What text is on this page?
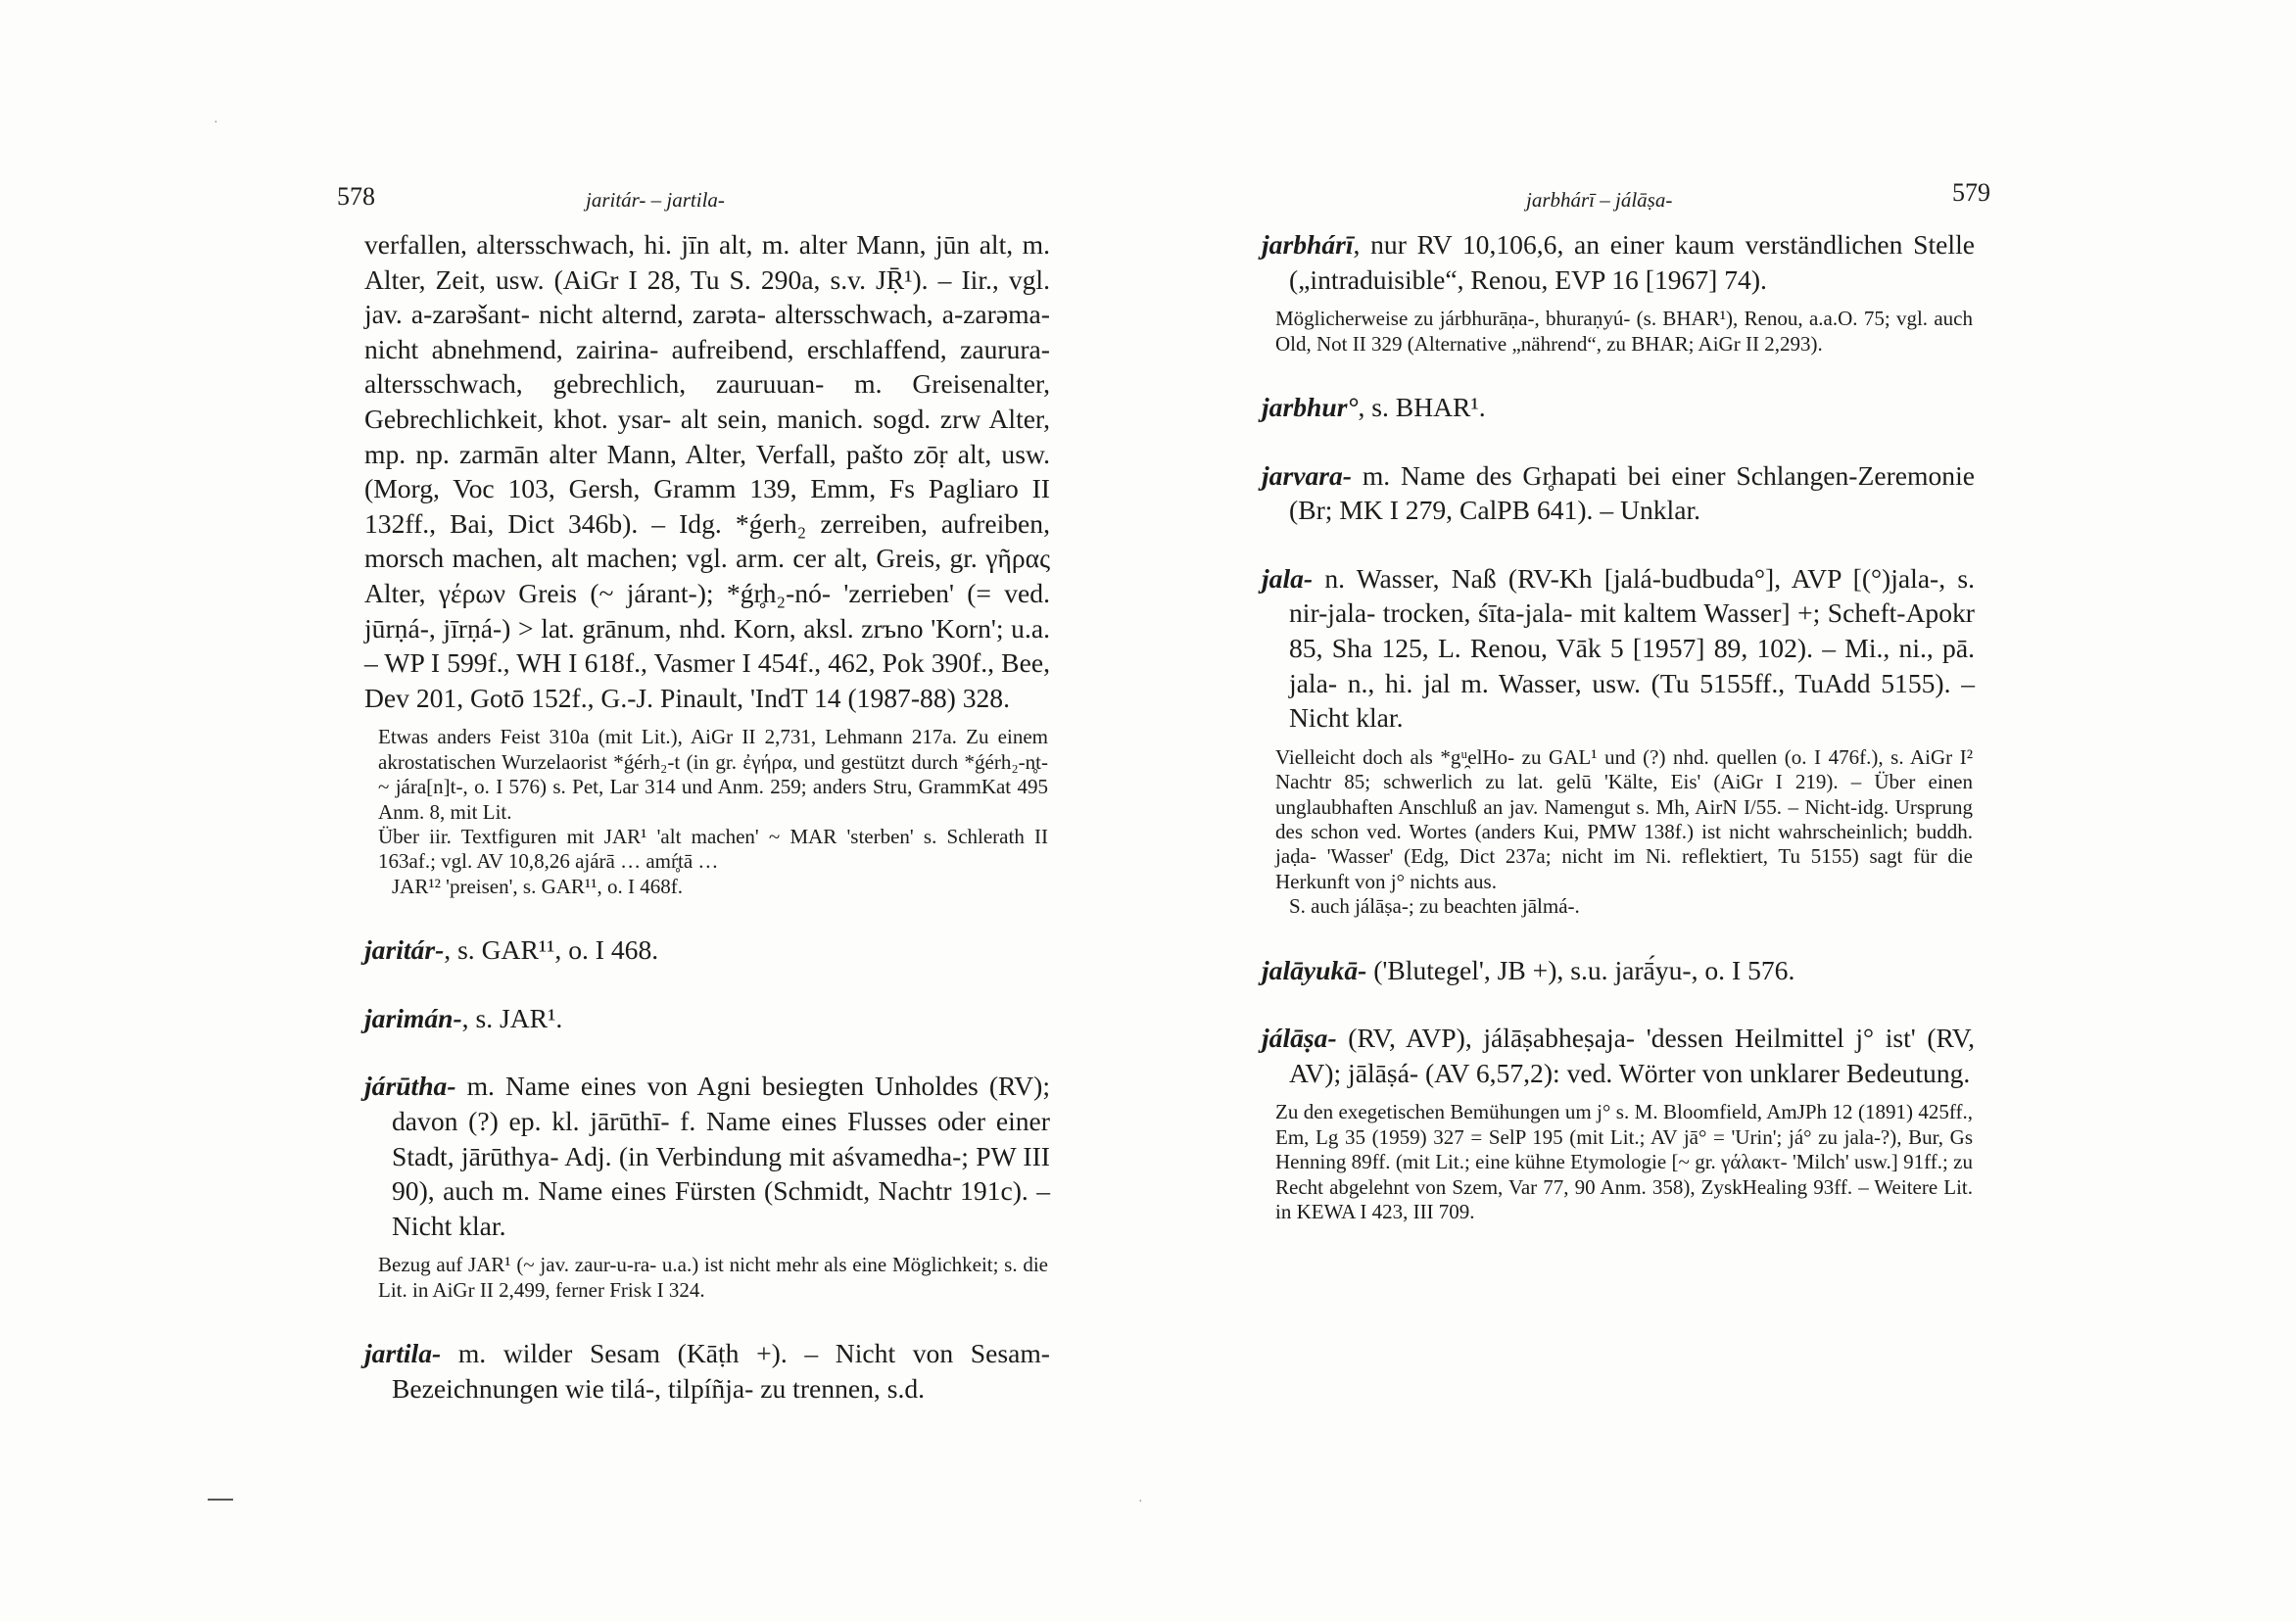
578	jaritár- – jartila-

verfallen, altersschwach, hi. jīn alt, m. alter Mann, jūn alt, m. Alter, Zeit, usw. (AiGr I 28, Tu S. 290a, s.v. JṜ¹). – Iir., vgl. jav. a-zarəšant- nicht alternd, zarəta- altersschwach, a-zarəma- nicht abnehmend, zairina- aufreibend, erschlaffend, zaurura- altersschwach, gebrechlich, zauruuan- m. Greisenalter, Gebrechlichkeit, khot. ysar- alt sein, manich. sogd. zrw Alter, mp. np. zarmān alter Mann, Alter, Verfall, pašto zōṛ alt, usw. (Morg, Voc 103, Gersh, Gramm 139, Emm, Fs Pagliaro II 132ff., Bai, Dict 346b). – Idg. *ǵerh₂ zerreiben, aufreiben, morsch machen, alt machen; vgl. arm. cer alt, Greis, gr. γῆρας Alter, γέρων Greis (~ járant-); *ǵr̥h₂-nó- 'zerrieben' (= ved. jūrṇá-, jīrṇá-) > lat. grānum, nhd. Korn, aksl. zrъno 'Korn'; u.a. – WP I 599f., WH I 618f., Vasmer I 454f., 462, Pok 390f., Bee, Dev 201, Gotō 152f., G.-J. Pinault, 'IndT 14 (1987-88) 328.

Etwas anders Feist 310a (mit Lit.), AiGr II 2,731, Lehmann 217a. Zu einem akrostatischen Wurzelaorist *ǵérh₂-t (in gr. ἐγήρα, und gestützt durch *ǵérh₂-n̥t- ~ jára[n]t-, o. I 576) s. Pet, Lar 314 und Anm. 259; anders Stru, GrammKat 495 Anm. 8, mit Lit.

Über iir. Textfiguren mit JAR¹ 'alt machen' ~ MAR 'sterben' s. Schlerath II 163af.; vgl. AV 10,8,26 ajárā … amŕ̥tā …

JAR¹² 'preisen', s. GAR¹¹, o. I 468f.

jaritár-, s. GAR¹¹, o. I 468.

jarimán-, s. JAR¹.

járūtha- m. Name eines von Agni besiegten Unholdes (RV); davon (?) ep. kl. jārūthī- f. Name eines Flusses oder einer Stadt, jārūthya- Adj. (in Verbindung mit aśvamedha-; PW III 90), auch m. Name eines Fürsten (Schmidt, Nachtr 191c). – Nicht klar.

Bezug auf JAR¹ (~ jav. zaur-u-ra- u.a.) ist nicht mehr als eine Möglichkeit; s. die Lit. in AiGr II 2,499, ferner Frisk I 324.

jartila- m. wilder Sesam (Kāṭh +). – Nicht von Sesam-Bezeichnungen wie tilá-, tilpíñja- zu trennen, s.d.

jarbhárī – jálāṣa-	579

jarbhárī, nur RV 10,106,6, an einer kaum verständlichen Stelle („intraduisible“, Renou, EVP 16 [1967] 74).

Möglicherweise zu járbhurāṇa-, bhuraṇyú- (s. BHAR¹), Renou, a.a.O. 75; vgl. auch Old, Not II 329 (Alternative „nährend“, zu BHAR; AiGr II 2,293).

jarbhur°, s. BHAR¹.

jarvara- m. Name des Gr̥hapati bei einer Schlangen-Zeremonie (Br; MK I 279, CalPB 641). – Unklar.

jala- n. Wasser, Naß (RV-Kh [jalá-budbuda°], AVP [(°)jala-, s. nir-jala- trocken, śīta-jala- mit kaltem Wasser] +; Scheft-Apokr 85, Sha 125, L. Renou, Vāk 5 [1957] 89, 102). – Mi., ni., pā. jala- n., hi. jal m. Wasser, usw. (Tu 5155ff., TuAdd 5155). – Nicht klar.

Vielleicht doch als *gᵘ̯elHo- zu GAL¹ und (?) nhd. quellen (o. I 476f.), s. AiGr I² Nachtr 85; schwerlich zu lat. gelū 'Kälte, Eis' (AiGr I 219). – Über einen unglaubhaften Anschluß an jav. Namengut s. Mh, AirN I/55. – Nicht-idg. Ursprung des schon ved. Wortes (anders Kui, PMW 138f.) ist nicht wahrscheinlich; buddh. jaḍa- 'Wasser' (Edg, Dict 237a; nicht im Ni. reflektiert, Tu 5155) sagt für die Herkunft von j° nichts aus.

S. auch jálāṣa-; zu beachten jālmá-.

jalāyukā- ('Blutegel', JB +), s.u. jarā́yu-, o. I 576.

jálāṣa- (RV, AVP), jálāṣabheṣaja- 'dessen Heilmittel j° ist' (RV, AV); jālāṣá- (AV 6,57,2): ved. Wörter von unklarer Bedeutung.

Zu den exegetischen Bemühungen um j° s. M. Bloomfield, AmJPh 12 (1891) 425ff., Em, Lg 35 (1959) 327 = SelP 195 (mit Lit.; AV jā° = 'Urin'; já° zu jala-?), Bur, Gs Henning 89ff. (mit Lit.; eine kühne Etymologie [~ gr. γάλακτ- 'Milch' usw.] 91ff.; zu Recht abgelehnt von Szem, Var 77, 90 Anm. 358), ZyskHealing 93ff. – Weitere Lit. in KEWA I 423, III 709.

·
·
